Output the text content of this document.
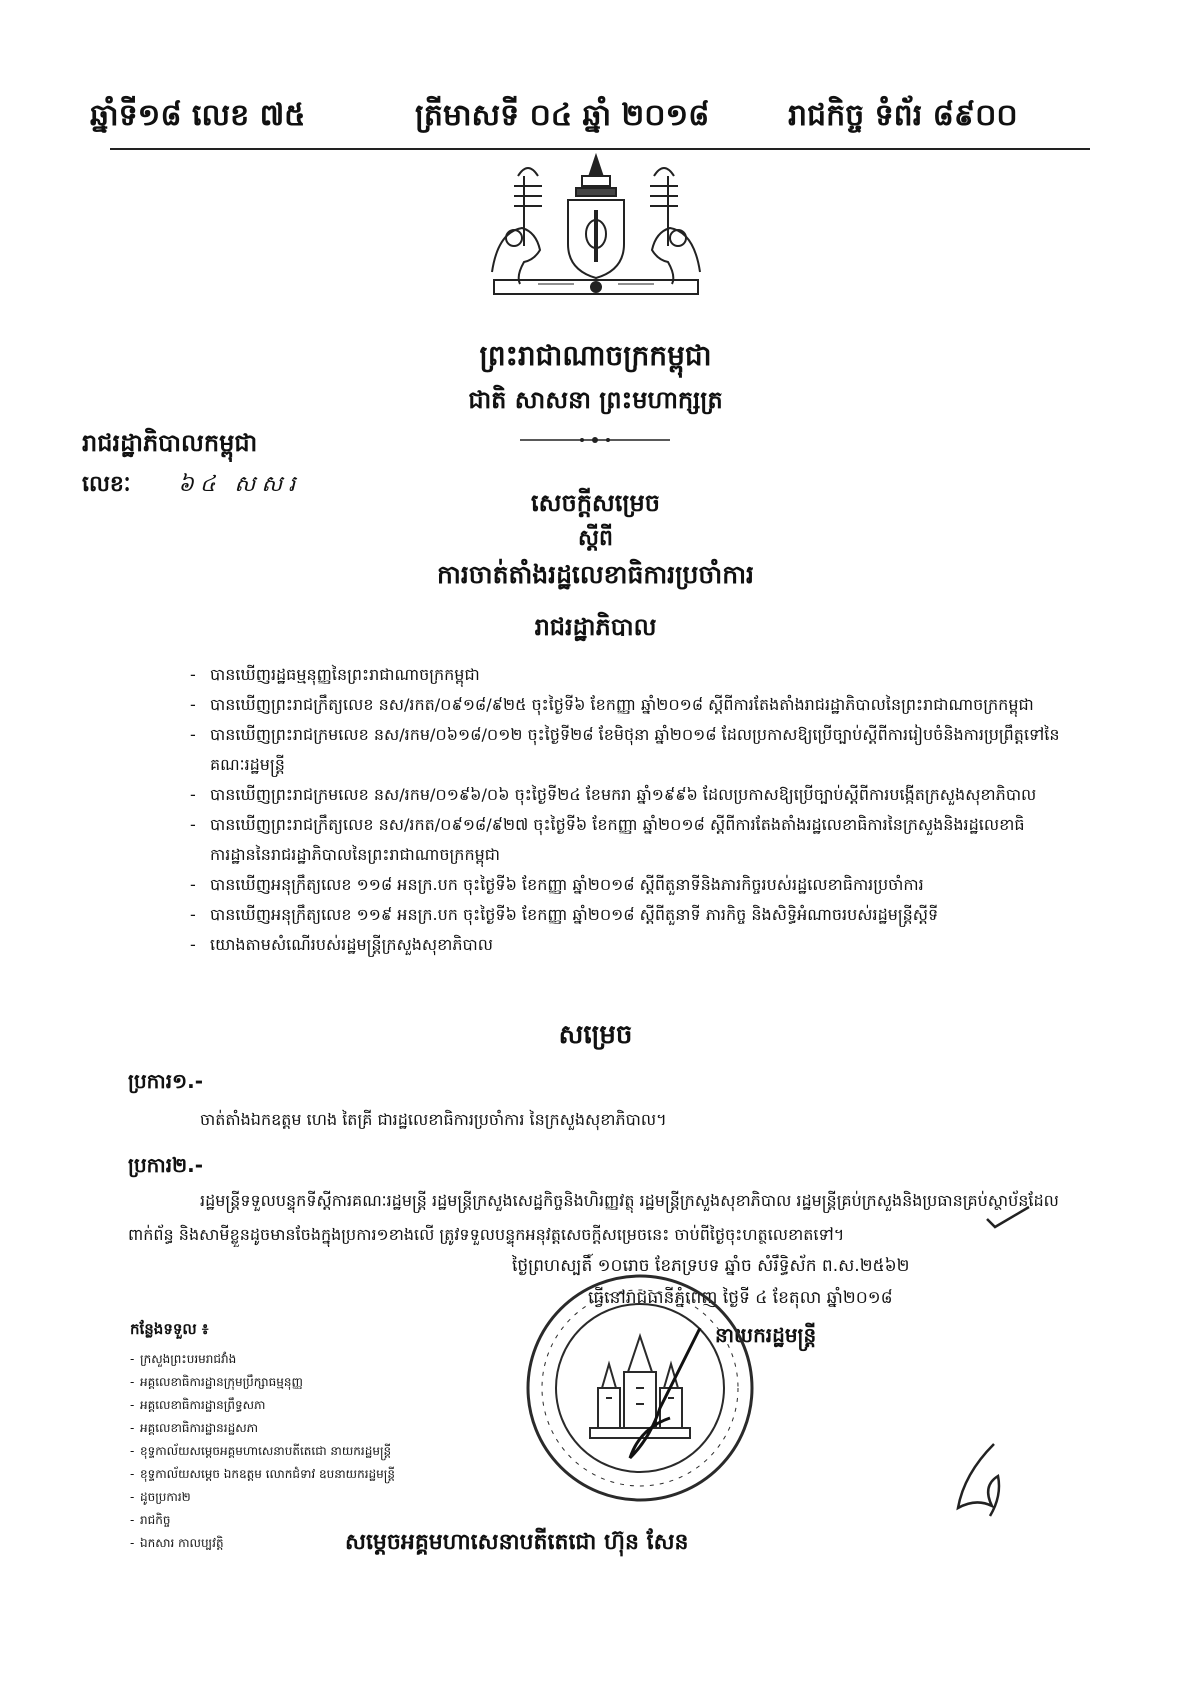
ឆ្នាំទី១៨ លេខ ៧៥	ត្រីមាសទី ០៤ ឆ្នាំ ២០១៨	រាជកិច្ច ទំព័រ ៨៩០០
ព្រះរាជាណាចក្រកម្ពុជា
ជាតិ សាសនា ព្រះមហាក្សត្រ
រាជរដ្ឋាភិបាលកម្ពុជា
លេខៈ ៦៤ សសរ
សេចក្តីសម្រេច
ស្តីពី
ការចាត់តាំងរដ្ឋលេខាធិការប្រចាំការ
រាជរដ្ឋាភិបាល
- បានឃើញរដ្ឋធម្មនុញ្ញនៃព្រះរាជាណាចក្រកម្ពុជា
- បានឃើញព្រះរាជក្រឹត្យលេខ នស/រកត/០៩១៨/៩២៥ ចុះថ្ងៃទី៦ ខែកញ្ញា ឆ្នាំ២០១៨ ស្តីពីការតែងតាំងរាជរដ្ឋាភិបាលនៃព្រះរាជាណាចក្រកម្ពុជា
- បានឃើញព្រះរាជក្រមលេខ នស/រកម/០៦១៨/០១២ ចុះថ្ងៃទី២៨ ខែមិថុនា ឆ្នាំ២០១៨ ដែលប្រកាសឱ្យប្រើច្បាប់ស្តីពីការរៀបចំនិងការប្រព្រឹត្តទៅនៃគណៈរដ្ឋមន្ត្រី
- បានឃើញព្រះរាជក្រមលេខ នស/រកម/០១៩៦/០៦ ចុះថ្ងៃទី២៤ ខែមករា ឆ្នាំ១៩៩៦ ដែលប្រកាសឱ្យប្រើច្បាប់ស្តីពីការបង្កើតក្រសួងសុខាភិបាល
- បានឃើញព្រះរាជក្រឹត្យលេខ នស/រកត/០៩១៨/៩២៧ ចុះថ្ងៃទី៦ ខែកញ្ញា ឆ្នាំ២០១៨ ស្តីពីការតែងតាំងរដ្ឋលេខាធិការនៃក្រសួងនិងរដ្ឋលេខាធិការដ្ឋាននៃរាជរដ្ឋាភិបាលនៃព្រះរាជាណាចក្រកម្ពុជា
- បានឃើញអនុក្រឹត្យលេខ ១១៨ អនក្រ.បក ចុះថ្ងៃទី៦ ខែកញ្ញា ឆ្នាំ២០១៨ ស្តីពីតួនាទីនិងភារកិច្ចរបស់រដ្ឋលេខាធិការប្រចាំការ
- បានឃើញអនុក្រឹត្យលេខ ១១៩ អនក្រ.បក ចុះថ្ងៃទី៦ ខែកញ្ញា ឆ្នាំ២០១៨ ស្តីពីតួនាទី ភារកិច្ច និងសិទ្ធិអំណាចរបស់រដ្ឋមន្ត្រីស្តីទី
- យោងតាមសំណើរបស់រដ្ឋមន្ត្រីក្រសួងសុខាភិបាល
សម្រេច
ប្រការ១.-
ចាត់តាំងឯកឧត្តម ហេង តៃគ្រី ជារដ្ឋលេខាធិការប្រចាំការ នៃក្រសួងសុខាភិបាល។
ប្រការ២.-
រដ្ឋមន្ត្រីទទួលបន្ទុកទីស្តីការគណៈរដ្ឋមន្ត្រី រដ្ឋមន្ត្រីក្រសួងសេដ្ឋកិច្ចនិងហិរញ្ញវត្ថុ រដ្ឋមន្ត្រីក្រសួងសុខាភិបាល រដ្ឋមន្ត្រីគ្រប់ក្រសួងនិងប្រធានគ្រប់ស្ថាប័នដែលពាក់ព័ន្ធ និងសាមីខ្លួនដូចមានចែងក្នុងប្រការ១ខាងលើ ត្រូវទទួលបន្ទុកអនុវត្តសេចក្តីសម្រេចនេះ ចាប់ពីថ្ងៃចុះហត្ថលេខាតទៅ។
ថ្ងៃព្រហស្បតិ៍ ១០រោច ខែភទ្របទ ឆ្នាំច សំរឹទ្ធិស័ក ព.ស.២៥៦២
ធ្វើនៅរាជធានីភ្នំពេញ ថ្ងៃទី ៤ ខែតុលា ឆ្នាំ២០១៨
នាយករដ្ឋមន្ត្រី
សម្តេចអគ្គមហាសេនាបតីតេជោ ហ៊ុន សែន
កន្លែងទទួល ៖
- ក្រសួងព្រះបរមរាជវាំង
- អគ្គលេខាធិការដ្ឋានក្រុមប្រឹក្សាធម្មនុញ្ញ
- អគ្គលេខាធិការដ្ឋានព្រឹទ្ធសភា
- អគ្គលេខាធិការដ្ឋានរដ្ឋសភា
- ខុទ្ទកាល័យសម្តេចអគ្គមហាសេនាបតីតេជោ នាយករដ្ឋមន្ត្រី
- ខុទ្ទកាល័យសម្តេច ឯកឧត្តម លោកជំទាវ ឧបនាយករដ្ឋមន្ត្រី
- ដូចប្រការ២
- រាជកិច្ច
- ឯកសារ កាលប្បវត្តិ
